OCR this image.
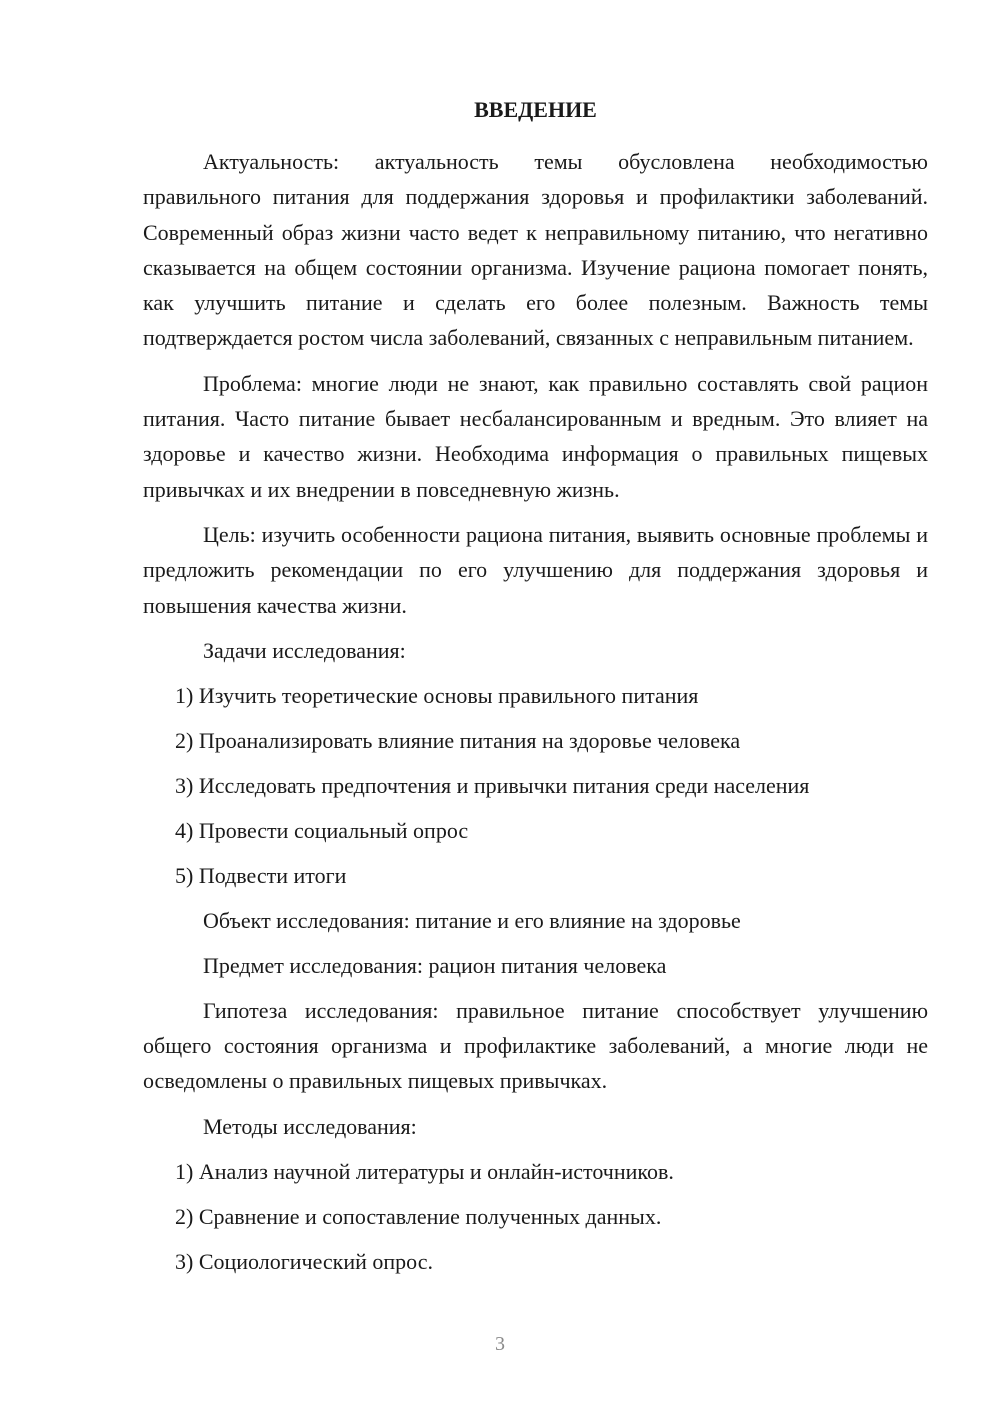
ВВЕДЕНИЕ

Актуальность: актуальность темы обусловлена необходимостью правильного питания для поддержания здоровья и профилактики заболеваний. Современный образ жизни часто ведет к неправильному питанию, что негативно сказывается на общем состоянии организма. Изучение рациона помогает понять, как улучшить питание и сделать его более полезным. Важность темы подтверждается ростом числа заболеваний, связанных с неправильным питанием.

Проблема: многие люди не знают, как правильно составлять свой рацион питания. Часто питание бывает несбалансированным и вредным. Это влияет на здоровье и качество жизни. Необходима информация о правильных пищевых привычках и их внедрении в повседневную жизнь.

Цель: изучить особенности рациона питания, выявить основные проблемы и предложить рекомендации по его улучшению для поддержания здоровья и повышения качества жизни.

Задачи исследования:
1) Изучить теоретические основы правильного питания
2) Проанализировать влияние питания на здоровье человека
3) Исследовать предпочтения и привычки питания среди населения
4) Провести социальный опрос
5) Подвести итоги
Объект исследования: питание и его влияние на здоровье
Предмет исследования: рацион питания человека

Гипотеза исследования: правильное питание способствует улучшению общего состояния организма и профилактике заболеваний, а многие люди не осведомлены о правильных пищевых привычках.

Методы исследования:
1) Анализ научной литературы и онлайн-источников.
2) Сравнение и сопоставление полученных данных.
3) Социологический опрос.
3
